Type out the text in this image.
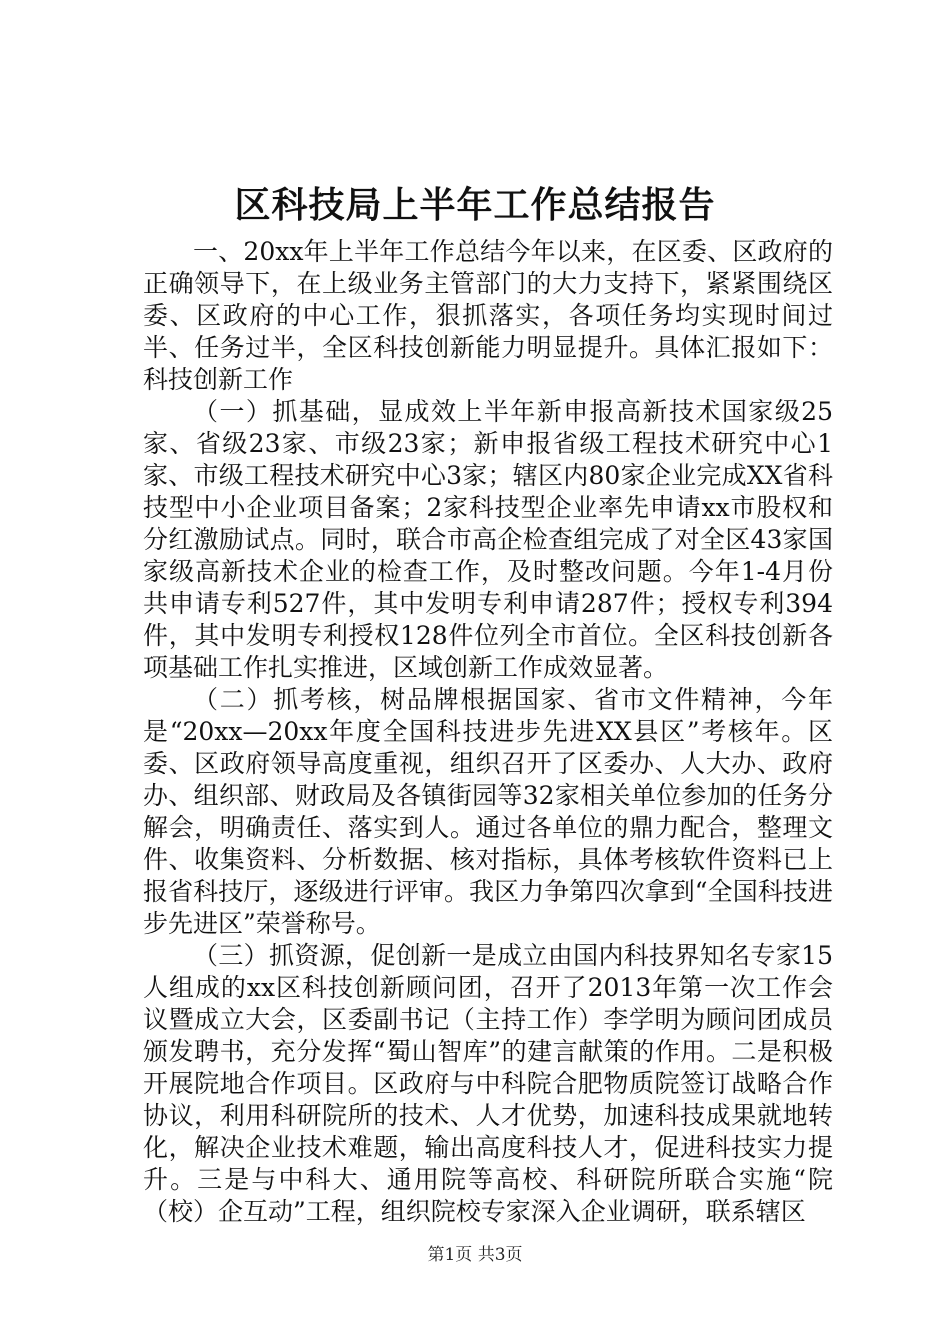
区科技局上半年工作总结报告

一、20xx年上半年工作总结今年以来，在区委、区政府的正确领导下，在上级业务主管部门的大力支持下，紧紧围绕区委、区政府的中心工作，狠抓落实，各项任务均实现时间过半、任务过半，全区科技创新能力明显提升。具体汇报如下：科技创新工作

（一）抓基础，显成效上半年新申报高新技术国家级25家、省级23家、市级23家；新申报省级工程技术研究中心1家、市级工程技术研究中心3家；辖区内80家企业完成XX省科技型中小企业项目备案；2家科技型企业率先申请xx市股权和分红激励试点。同时，联合市高企检查组完成了对全区43家国家级高新技术企业的检查工作，及时整改问题。今年1-4月份共申请专利527件，其中发明专利申请287件；授权专利394件，其中发明专利授权128件位列全市首位。全区科技创新各项基础工作扎实推进，区域创新工作成效显著。

（二）抓考核，树品牌根据国家、省市文件精神，今年是“20xx—20xx年度全国科技进步先进XX县区”考核年。区委、区政府领导高度重视，组织召开了区委办、人大办、政府办、组织部、财政局及各镇街园等32家相关单位参加的任务分解会，明确责任、落实到人。通过各单位的鼎力配合，整理文件、收集资料、分析数据、核对指标，具体考核软件资料已上报省科技厅，逐级进行评审。我区力争第四次拿到“全国科技进步先进区”荣誉称号。

（三）抓资源，促创新一是成立由国内科技界知名专家15人组成的xx区科技创新顾问团，召开了2013年第一次工作会议暨成立大会，区委副书记（主持工作）李学明为顾问团成员颁发聘书，充分发挥“蜀山智库”的建言献策的作用。二是积极开展院地合作项目。区政府与中科院合肥物质院签订战略合作协议，利用科研院所的技术、人才优势，加速科技成果就地转化，解决企业技术难题，输出高度科技人才，促进科技实力提升。三是与中科大、通用院等高校、科研院所联合实施“院（校）企互动”工程，组织院校专家深入企业调研，联系辖区

第1页 共3页
